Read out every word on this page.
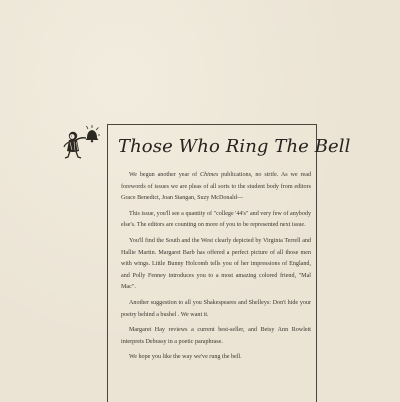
Those Who Ring The Bell

We begun another year of Chimes publications, no strife. As we read forewords of issues we are pleas of all sorts to the student body from editors Grace Benedict, Joan Stangan, Suzy McDonald—

This issue, you'll see a quantity of "college '44's" and very few of anybody else's. The editors are counting on more of you to be represented next issue.

You'll find the South and the West clearly depicted by Virginia Terrell and Hallie Martin. Margaret Barb has offered a perfect picture of all those men with wings. Little Bunny Holcomb tells you of her impressions of England, and Polly Fenney introduces you to a most amazing colored friend, "Mal Mac".

Another suggestion to all you Shakespeares and Shelleys: Don't hide your poetry behind a bushel . We want it.

Margaret Hay reviews a current best-seller, and Betsy Ann Rowlett interprets Debussy in a poetic paraphrase.

We hope you like the way we've rung the bell.
